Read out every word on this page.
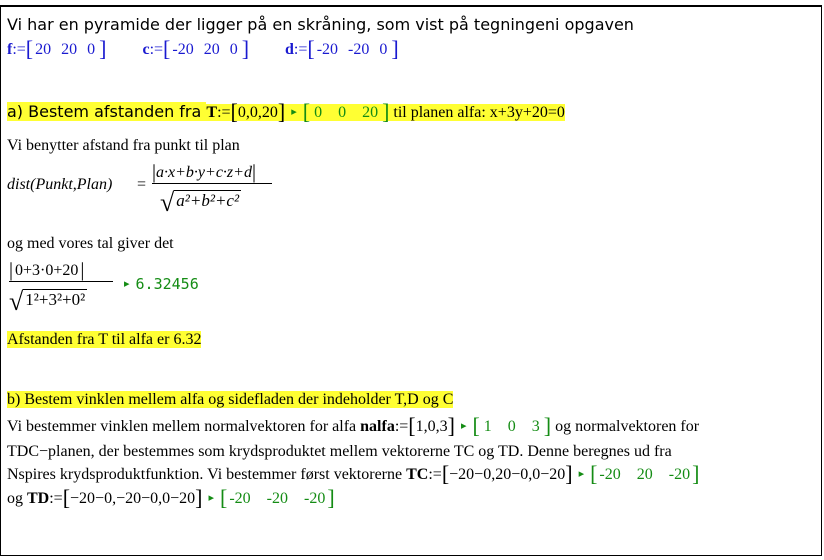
Vi har en pyramide der ligger på en skråning, som vist på tegningeni opgaven
f:=[ 20 20 0 ] c:=[ -20 20 0 ] d:=[ -20 -20 0 ]
a) Bestem afstanden fra T:=[0,0,20] ▸ [ 0 0 20 ] til planen alfa: x+3y+20=0
Vi benytter afstand fra punkt til plan
dist(Punkt,Plan) =
|a·x+b·y+c·z+d|
√ a²+b²+c²
og med vores tal giver det
| 0+3·0+20 |
√ 1²+3²+0²
▸ 6.32456
Afstanden fra T til alfa er 6.32
b) Bestem vinklen mellem alfa og sidefladen der indeholder T,D og C
Vi bestemmer vinklen mellem normalvektoren for alfa nalfa:=[1,0,3] ▸ [ 1 0 3 ] og normalvektoren for
TDC−planen, der bestemmes som krydsproduktet mellem vektorerne TC og TD. Denne beregnes ud fra
Nspires krydsproduktfunktion. Vi bestemmer først vektorerne TC:=[−20−0,20−0,0−20] ▸ [ -20 20 -20]
og TD:=[−20−0,−20−0,0−20] ▸ [ -20 -20 -20]
